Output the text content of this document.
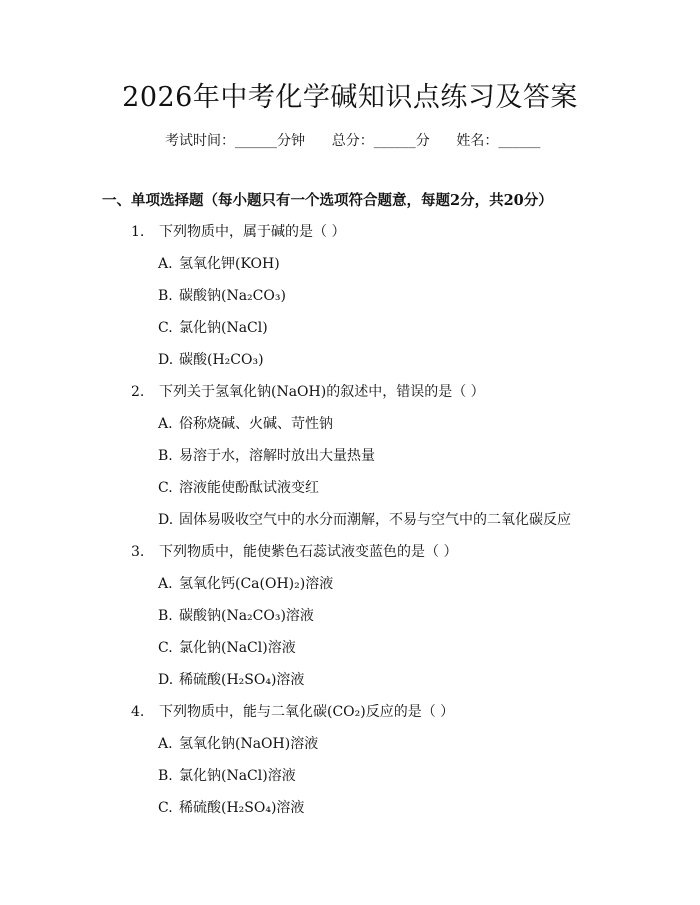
2026年中考化学碱知识点练习及答案
考试时间：______分钟 总分：______分 姓名：______
一、单项选择题（每小题只有一个选项符合题意，每题2分，共20分）
1. 下列物质中，属于碱的是（ ）
A. 氢氧化钾(KOH)
B. 碳酸钠(Na₂CO₃)
C. 氯化钠(NaCl)
D. 碳酸(H₂CO₃)
2. 下列关于氢氧化钠(NaOH)的叙述中，错误的是（ ）
A. 俗称烧碱、火碱、苛性钠
B. 易溶于水，溶解时放出大量热量
C. 溶液能使酚酞试液变红
D. 固体易吸收空气中的水分而潮解，不易与空气中的二氧化碳反应
3. 下列物质中，能使紫色石蕊试液变蓝色的是（ ）
A. 氢氧化钙(Ca(OH)₂)溶液
B. 碳酸钠(Na₂CO₃)溶液
C. 氯化钠(NaCl)溶液
D. 稀硫酸(H₂SO₄)溶液
4. 下列物质中，能与二氧化碳(CO₂)反应的是（ ）
A. 氢氧化钠(NaOH)溶液
B. 氯化钠(NaCl)溶液
C. 稀硫酸(H₂SO₄)溶液
